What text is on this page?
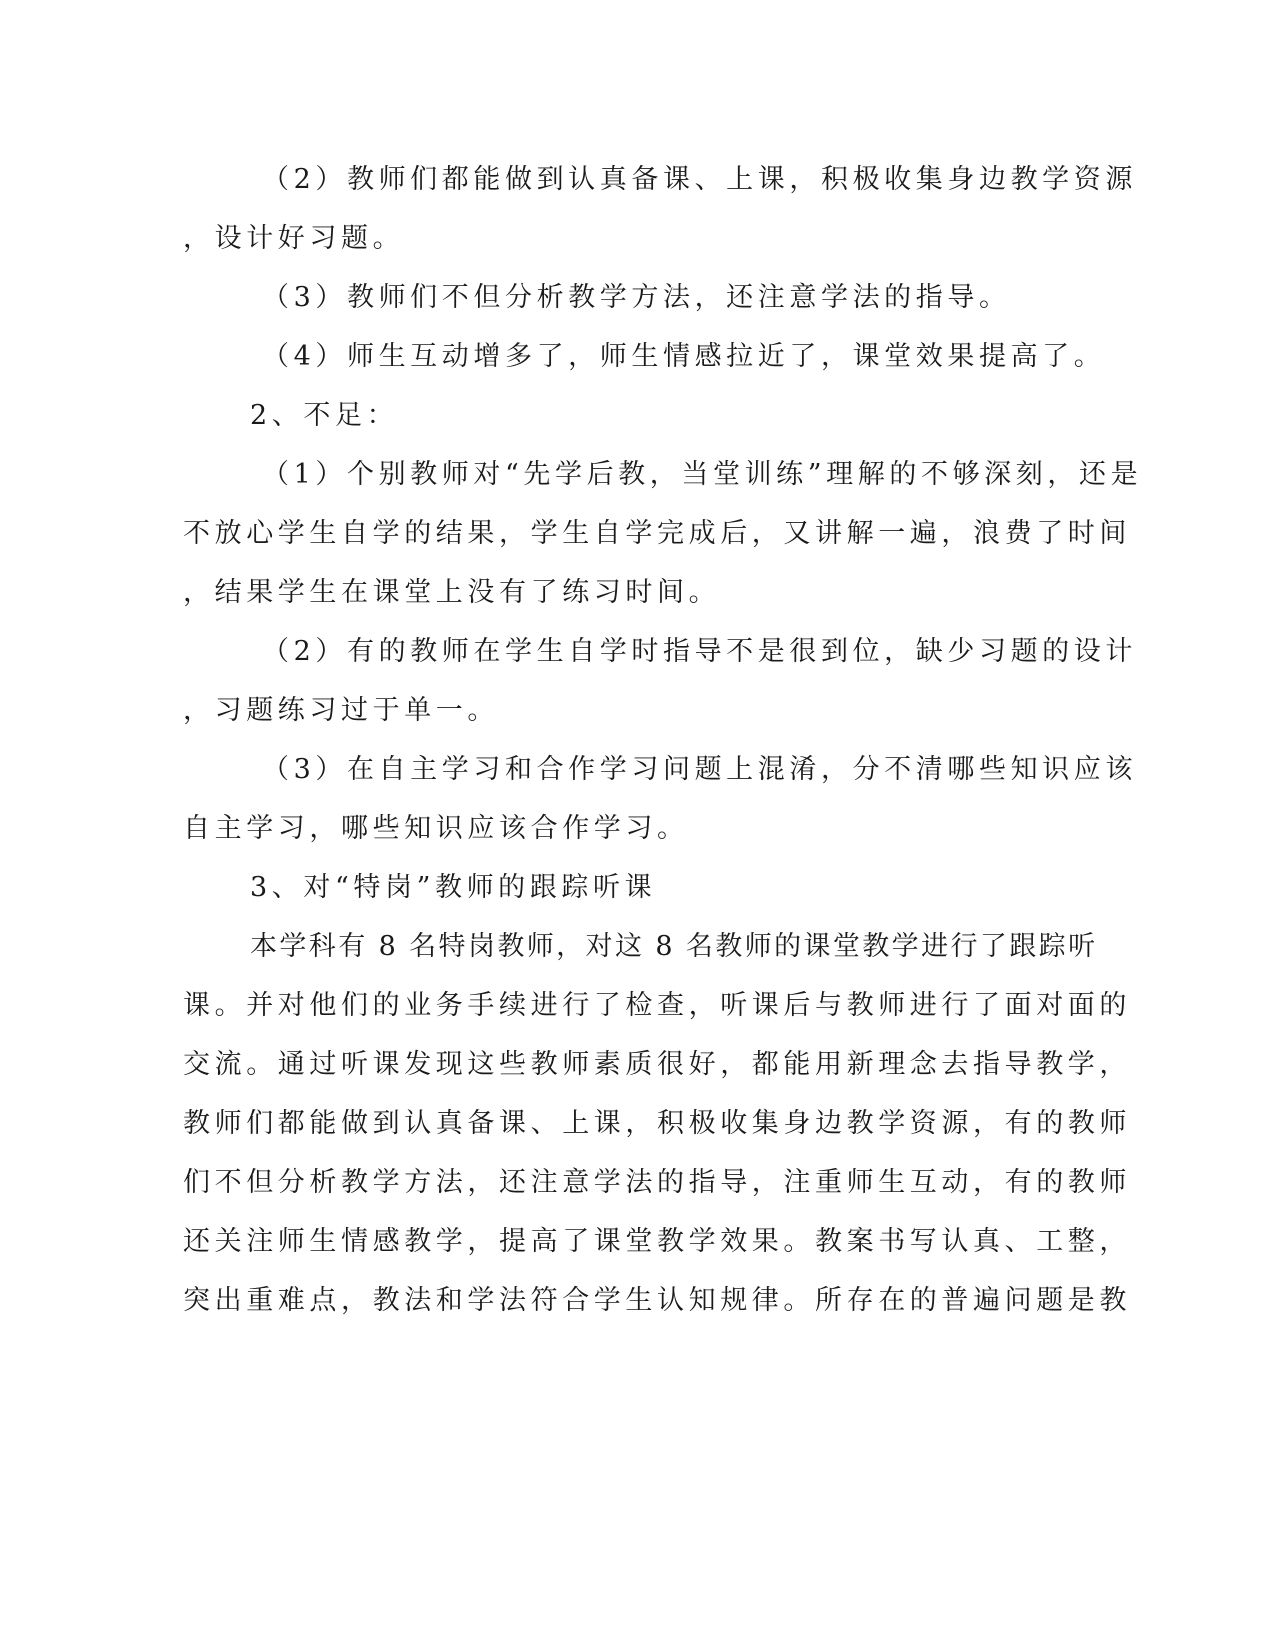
（2）教师们都能做到认真备课、上课，积极收集身边教学资源
，设计好习题。
（3）教师们不但分析教学方法，还注意学法的指导。
（4）师生互动增多了，师生情感拉近了，课堂效果提高了。
2、不足：
（1）个别教师对“先学后教，当堂训练”理解的不够深刻，还是
不放心学生自学的结果，学生自学完成后，又讲解一遍，浪费了时间
，结果学生在课堂上没有了练习时间。
（2）有的教师在学生自学时指导不是很到位，缺少习题的设计
，习题练习过于单一。
（3）在自主学习和合作学习问题上混淆，分不清哪些知识应该
自主学习，哪些知识应该合作学习。
3、对“特岗”教师的跟踪听课
本学科有 8 名特岗教师，对这 8 名教师的课堂教学进行了跟踪听
课。并对他们的业务手续进行了检查，听课后与教师进行了面对面的
交流。通过听课发现这些教师素质很好，都能用新理念去指导教学，
教师们都能做到认真备课、上课，积极收集身边教学资源，有的教师
们不但分析教学方法，还注意学法的指导，注重师生互动，有的教师
还关注师生情感教学，提高了课堂教学效果。教案书写认真、工整，
突出重难点，教法和学法符合学生认知规律。所存在的普遍问题是教
